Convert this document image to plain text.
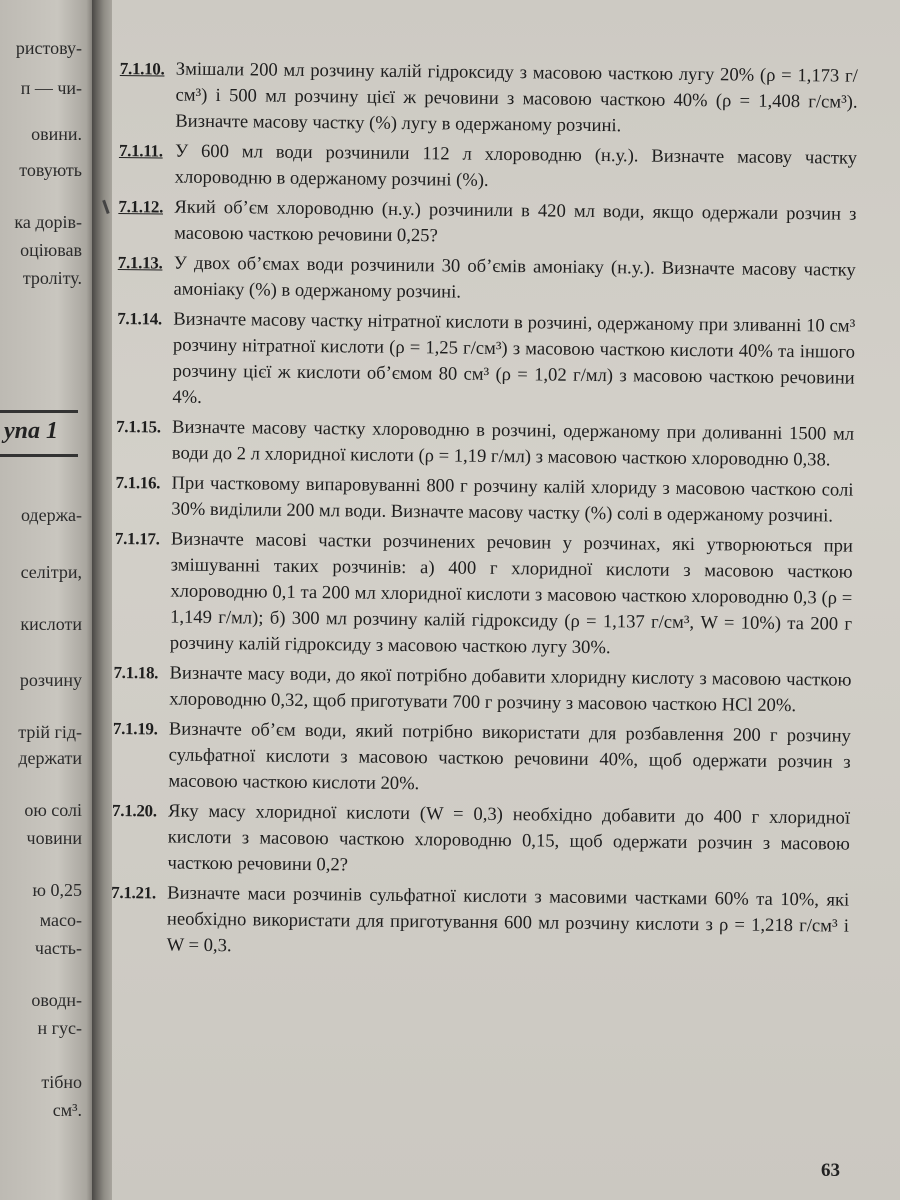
ристову-
п — чи-
овини.
товують
ка дорів-
оціював
троліту.
одержа-
селітри,
кислоти
розчину
трій гід-
держати
ою солі
човини
ю 0,25
масо-
часть-
оводн-
н гус-
тібно
см³.
упа 1
7.1.10. Змішали 200 мл розчину калій гідроксиду з масовою часткою лугу 20% (ρ = 1,173 г/см³) і 500 мл розчину цієї ж речовини з масовою часткою 40% (ρ = 1,408 г/см³). Визначте масову частку (%) лугу в одержаному розчині.
7.1.11. У 600 мл води розчинили 112 л хлороводню (н.у.). Визначте масову частку хлороводню в одержаному розчині (%).
7.1.12. Який об’єм хлороводню (н.у.) розчинили в 420 мл води, якщо одержали розчин з масовою часткою речовини 0,25?
7.1.13. У двох об’ємах води розчинили 30 об’ємів амоніаку (н.у.). Визначте масову частку амоніаку (%) в одержаному розчині.
7.1.14. Визначте масову частку нітратної кислоти в розчині, одержаному при зливанні 10 см³ розчину нітратної кислоти (ρ = 1,25 г/см³) з масовою часткою кислоти 40% та іншого розчину цієї ж кислоти об’ємом 80 см³ (ρ = 1,02 г/мл) з масовою часткою речовини 4%.
7.1.15. Визначте масову частку хлороводню в розчині, одержаному при доливанні 1500 мл води до 2 л хлоридної кислоти (ρ = 1,19 г/мл) з масовою часткою хлороводню 0,38.
7.1.16. При частковому випаровуванні 800 г розчину калій хлориду з масовою часткою солі 30% виділили 200 мл води. Визначте масову частку (%) солі в одержаному розчині.
7.1.17. Визначте масові частки розчинених речовин у розчинах, які утворюються при змішуванні таких розчинів: а) 400 г хлоридної кислоти з масовою часткою хлороводню 0,1 та 200 мл хлоридної кислоти з масовою часткою хлороводню 0,3 (ρ = 1,149 г/мл); б) 300 мл розчину калій гідроксиду (ρ = 1,137 г/см³, W = 10%) та 200 г розчину калій гідроксиду з масовою часткою лугу 30%.
7.1.18. Визначте масу води, до якої потрібно добавити хлоридну кислоту з масовою часткою хлороводню 0,32, щоб приготувати 700 г розчину з масовою часткою HCl 20%.
7.1.19. Визначте об’єм води, який потрібно використати для розбавлення 200 г розчину сульфатної кислоти з масовою часткою речовини 40%, щоб одержати розчин з масовою часткою кислоти 20%.
7.1.20. Яку масу хлоридної кислоти (W = 0,3) необхідно добавити до 400 г хлоридної кислоти з масовою часткою хлороводню 0,15, щоб одержати розчин з масовою часткою речовини 0,2?
7.1.21. Визначте маси розчинів сульфатної кислоти з масовими частками 60% та 10%, які необхідно використати для приготування 600 мл розчину кислоти з ρ = 1,218 г/см³ і W = 0,3.
63
